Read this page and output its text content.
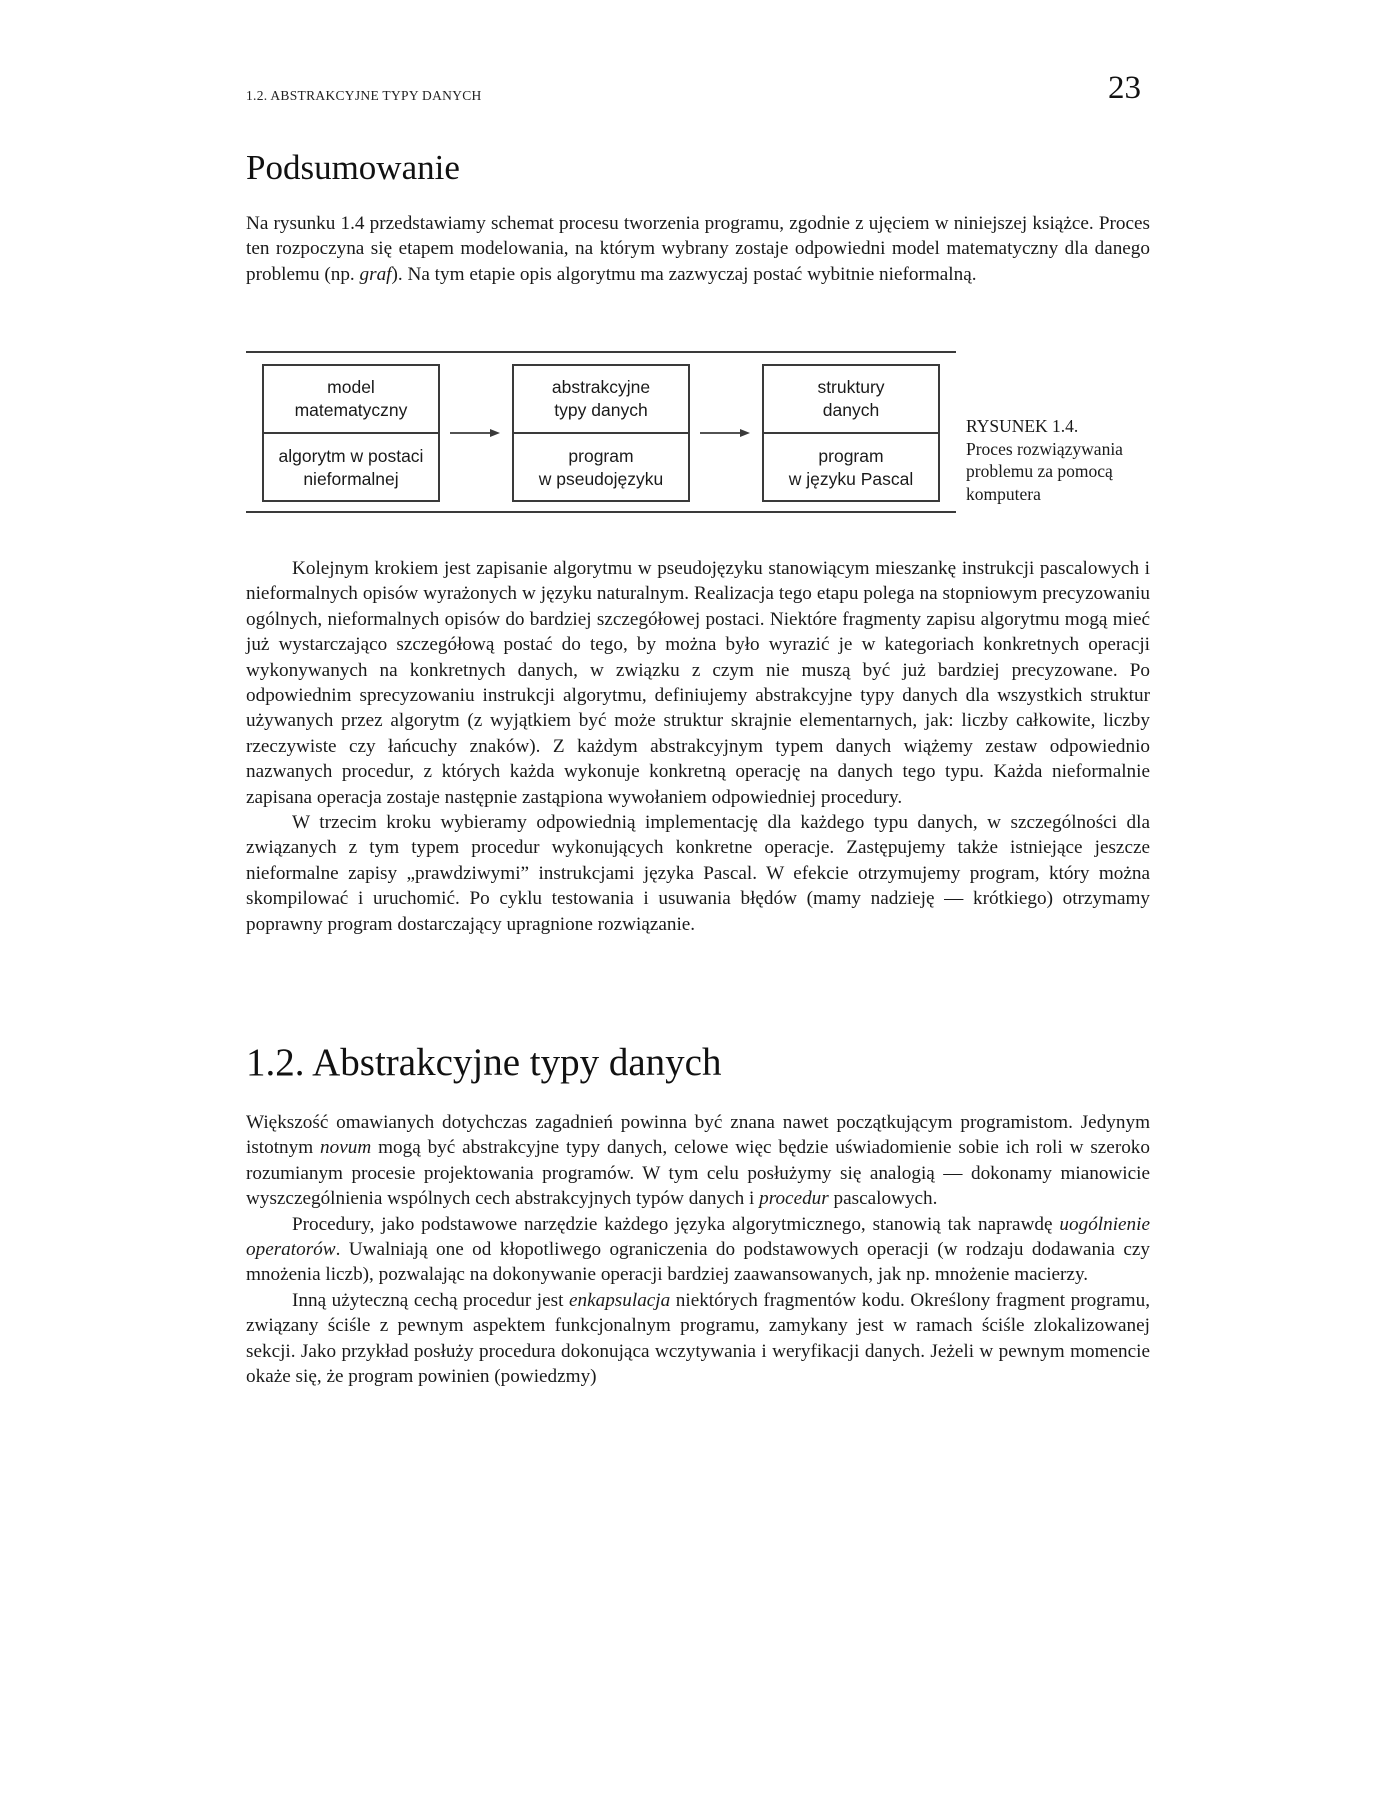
1.2. ABSTRAKCYJNE TYPY DANYCH	23
Podsumowanie

Na rysunku 1.4 przedstawiamy schemat procesu tworzenia programu, zgodnie z ujęciem w niniejszej książce. Proces ten rozpoczyna się etapem modelowania, na którym wybrany zostaje odpowiedni model matematyczny dla danego problemu (np. graf). Na tym etapie opis algorytmu ma zazwyczaj postać wybitnie nieformalną.

model
matematyczny
algorytm w postaci
nieformalnej
abstrakcyjne
typy danych
program
w pseudojęzyku
struktury
danych
program
w języku Pascal
RYSUNEK 1.4.
Proces rozwiązywania problemu za pomocą komputera

Kolejnym krokiem jest zapisanie algorytmu w pseudojęzyku stanowiącym mieszankę instrukcji pascalowych i nieformalnych opisów wyrażonych w języku naturalnym. Realizacja tego etapu polega na stopniowym precyzowaniu ogólnych, nieformalnych opisów do bardziej szczegółowej postaci. Niektóre fragmenty zapisu algorytmu mogą mieć już wystarczająco szczegółową postać do tego, by można było wyrazić je w kategoriach konkretnych operacji wykonywanych na konkretnych danych, w związku z czym nie muszą być już bardziej precyzowane. Po odpowiednim sprecyzowaniu instrukcji algorytmu, definiujemy abstrakcyjne typy danych dla wszystkich struktur używanych przez algorytm (z wyjątkiem być może struktur skrajnie elementarnych, jak: liczby całkowite, liczby rzeczywiste czy łańcuchy znaków). Z każdym abstrakcyjnym typem danych wiążemy zestaw odpowiednio nazwanych procedur, z których każda wykonuje konkretną operację na danych tego typu. Każda nieformalnie zapisana operacja zostaje następnie zastąpiona wywołaniem odpowiedniej procedury.

W trzecim kroku wybieramy odpowiednią implementację dla każdego typu danych, w szczególności dla związanych z tym typem procedur wykonujących konkretne operacje. Zastępujemy także istniejące jeszcze nieformalne zapisy „prawdziwymi” instrukcjami języka Pascal. W efekcie otrzymujemy program, który można skompilować i uruchomić. Po cyklu testowania i usuwania błędów (mamy nadzieję — krótkiego) otrzymamy poprawny program dostarczający upragnione rozwiązanie.

1.2. Abstrakcyjne typy danych

Większość omawianych dotychczas zagadnień powinna być znana nawet początkującym programistom. Jedynym istotnym novum mogą być abstrakcyjne typy danych, celowe więc będzie uświadomienie sobie ich roli w szeroko rozumianym procesie projektowania programów. W tym celu posłużymy się analogią — dokonamy mianowicie wyszczególnienia wspólnych cech abstrakcyjnych typów danych i procedur pascalowych.

Procedury, jako podstawowe narzędzie każdego języka algorytmicznego, stanowią tak naprawdę uogólnienie operatorów. Uwalniają one od kłopotliwego ograniczenia do podstawowych operacji (w rodzaju dodawania czy mnożenia liczb), pozwalając na dokonywanie operacji bardziej zaawansowanych, jak np. mnożenie macierzy.

Inną użyteczną cechą procedur jest enkapsulacja niektórych fragmentów kodu. Określony fragment programu, związany ściśle z pewnym aspektem funkcjonalnym programu, zamykany jest w ramach ściśle zlokalizowanej sekcji. Jako przykład posłuży procedura dokonująca wczytywania i weryfikacji danych. Jeżeli w pewnym momencie okaże się, że program powinien (powiedzmy)
